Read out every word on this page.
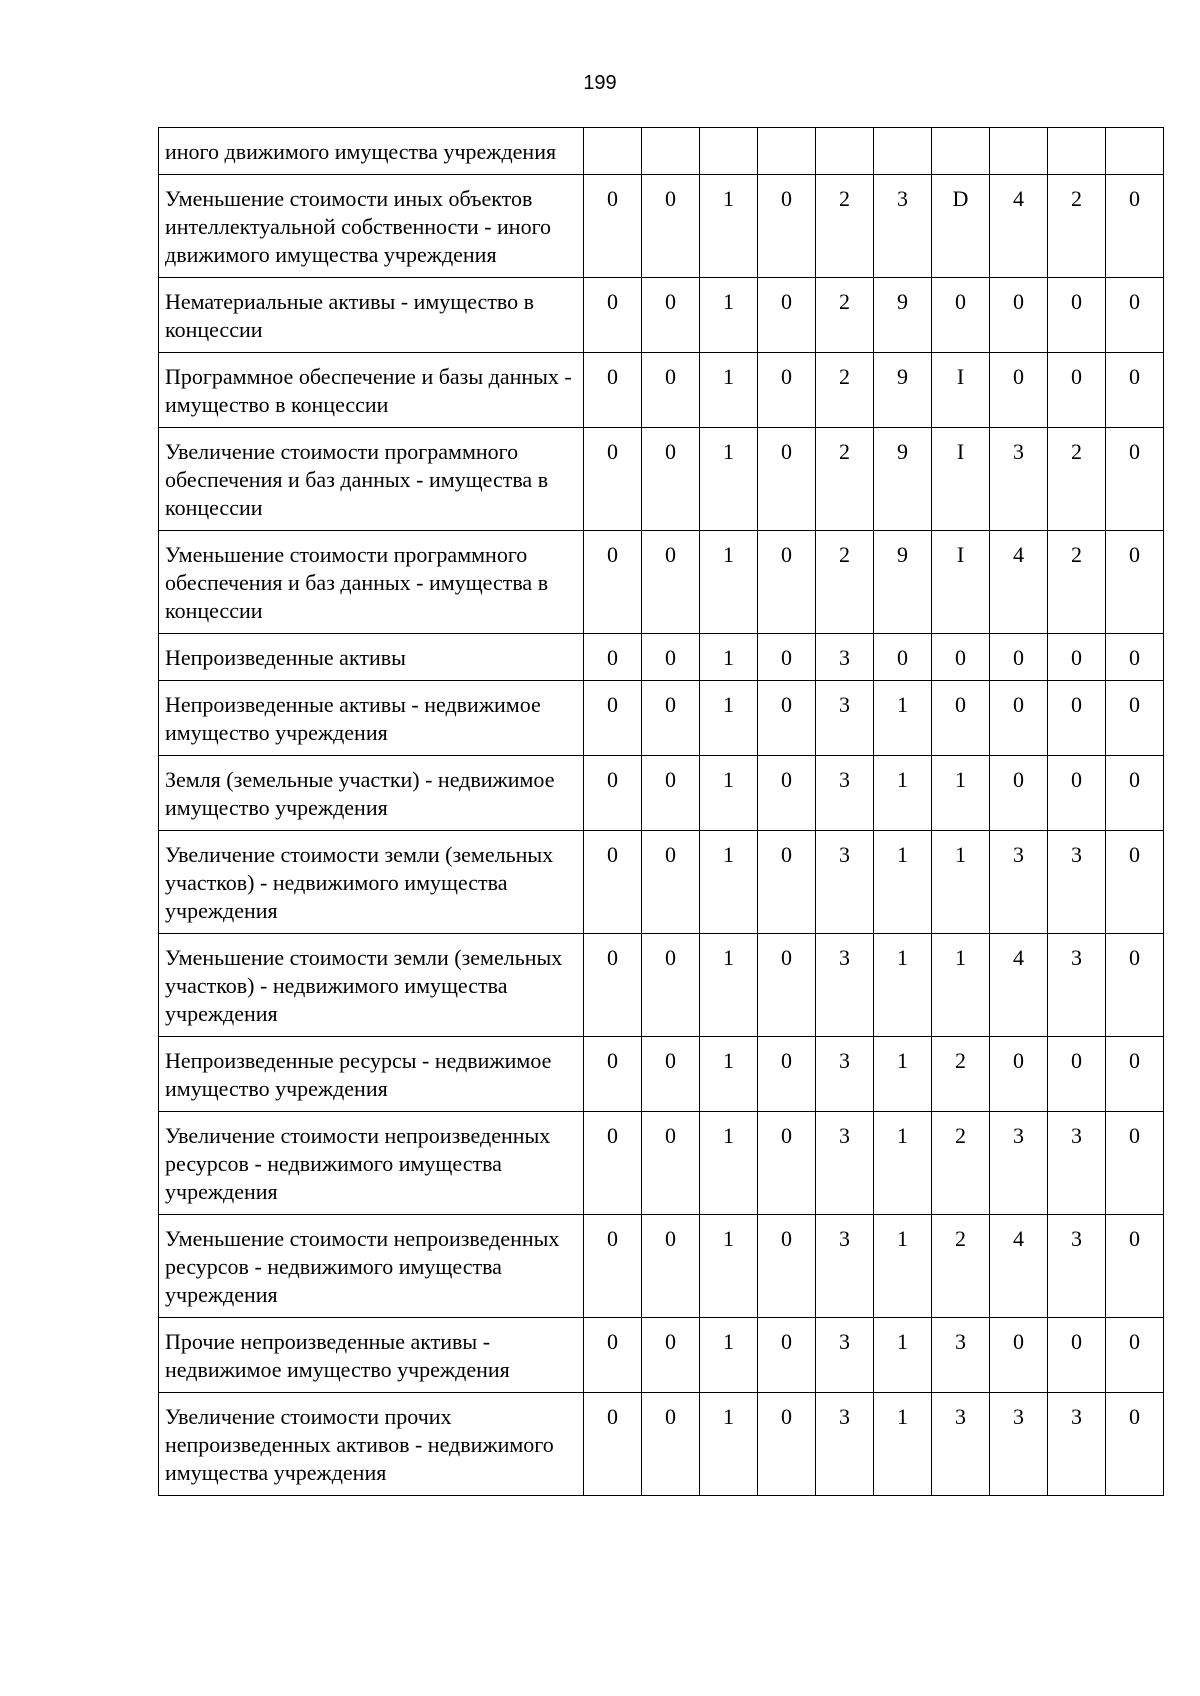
199
иного движимого имущества учреждения										
Уменьшение стоимости иных объектов интеллектуальной собственности - иного движимого имущества учреждения	0	0	1	0	2	3	D	4	2	0
Нематериальные активы - имущество в концессии	0	0	1	0	2	9	0	0	0	0
Программное обеспечение и базы данных - имущество в концессии	0	0	1	0	2	9	I	0	0	0
Увеличение стоимости программного обеспечения и баз данных - имущества в концессии	0	0	1	0	2	9	I	3	2	0
Уменьшение стоимости программного обеспечения и баз данных - имущества в концессии	0	0	1	0	2	9	I	4	2	0
Непроизведенные активы	0	0	1	0	3	0	0	0	0	0
Непроизведенные активы - недвижимое имущество учреждения	0	0	1	0	3	1	0	0	0	0
Земля (земельные участки) - недвижимое имущество учреждения	0	0	1	0	3	1	1	0	0	0
Увеличение стоимости земли (земельных участков) - недвижимого имущества учреждения	0	0	1	0	3	1	1	3	3	0
Уменьшение стоимости земли (земельных участков) - недвижимого имущества учреждения	0	0	1	0	3	1	1	4	3	0
Непроизведенные ресурсы - недвижимое имущество учреждения	0	0	1	0	3	1	2	0	0	0
Увеличение стоимости непроизведенных ресурсов - недвижимого имущества учреждения	0	0	1	0	3	1	2	3	3	0
Уменьшение стоимости непроизведенных ресурсов - недвижимого имущества учреждения	0	0	1	0	3	1	2	4	3	0
Прочие непроизведенные активы - недвижимое имущество учреждения	0	0	1	0	3	1	3	0	0	0
Увеличение стоимости прочих непроизведенных активов - недвижимого имущества учреждения	0	0	1	0	3	1	3	3	3	0
